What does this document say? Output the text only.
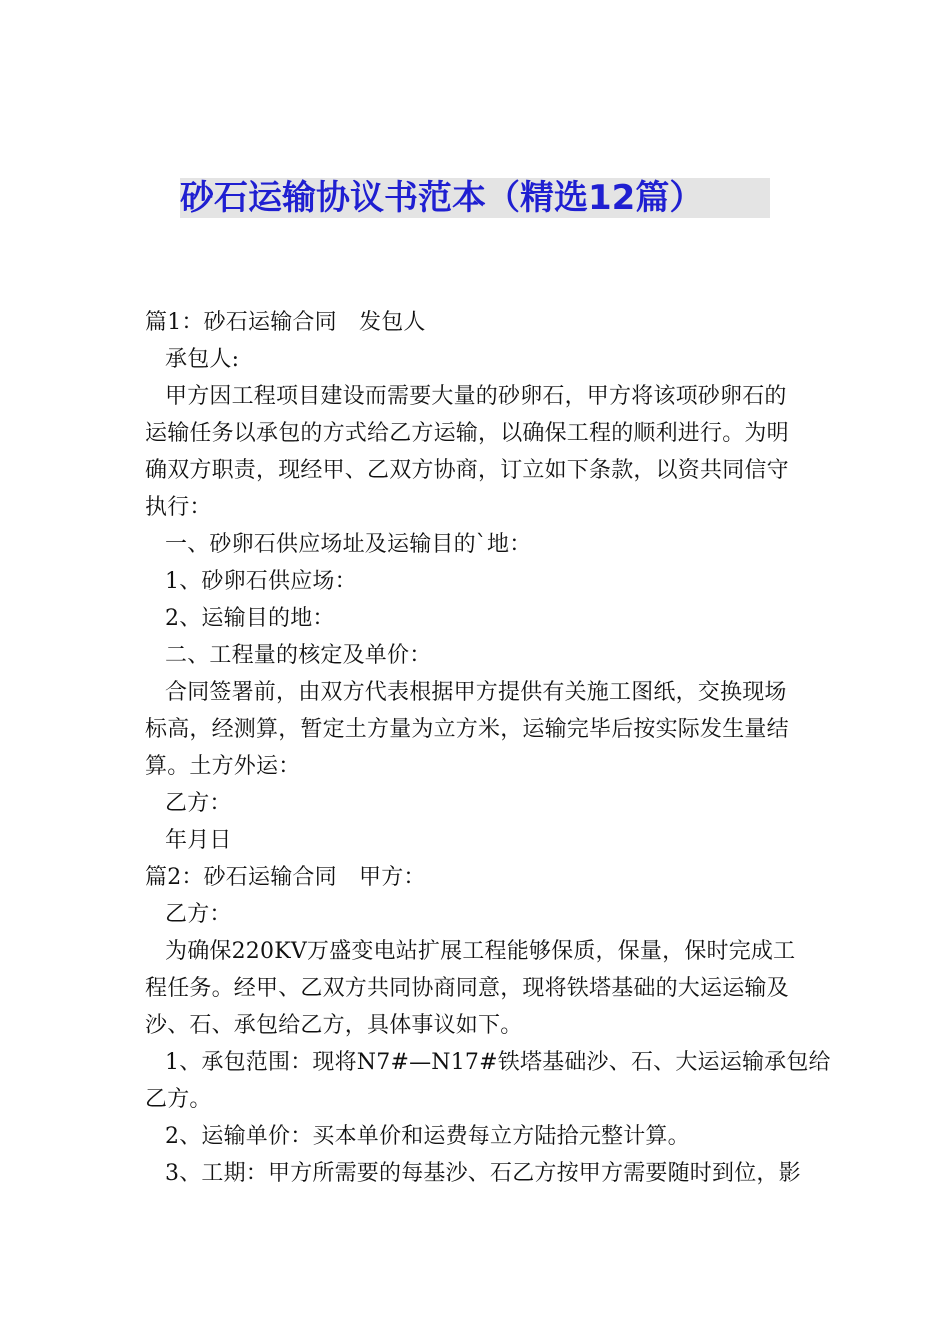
砂石运输协议书范本（精选12篇）
篇1：砂石运输合同　发包人
承包人:
甲方因工程项目建设而需要大量的砂卵石，甲方将该项砂卵石的
运输任务以承包的方式给乙方运输，以确保工程的顺利进行。为明
确双方职责，现经甲、乙双方协商，订立如下条款，以资共同信守
执行：
一、砂卵石供应场址及运输目的`地：
1、砂卵石供应场：
2、运输目的地：
二、工程量的核定及单价：
合同签署前，由双方代表根据甲方提供有关施工图纸，交换现场
标高，经测算，暂定土方量为立方米，运输完毕后按实际发生量结
算。土方外运：
乙方：
年月日
篇2：砂石运输合同　甲方：
乙方：
为确保220KV万盛变电站扩展工程能够保质，保量，保时完成工
程任务。经甲、乙双方共同协商同意，现将铁塔基础的大运运输及
沙、石、承包给乙方，具体事议如下。
1、承包范围：现将N7#—N17#铁塔基础沙、石、大运运输承包给
乙方。
2、运输单价：买本单价和运费每立方陆拾元整计算。
3、工期：甲方所需要的每基沙、石乙方按甲方需要随时到位，影
